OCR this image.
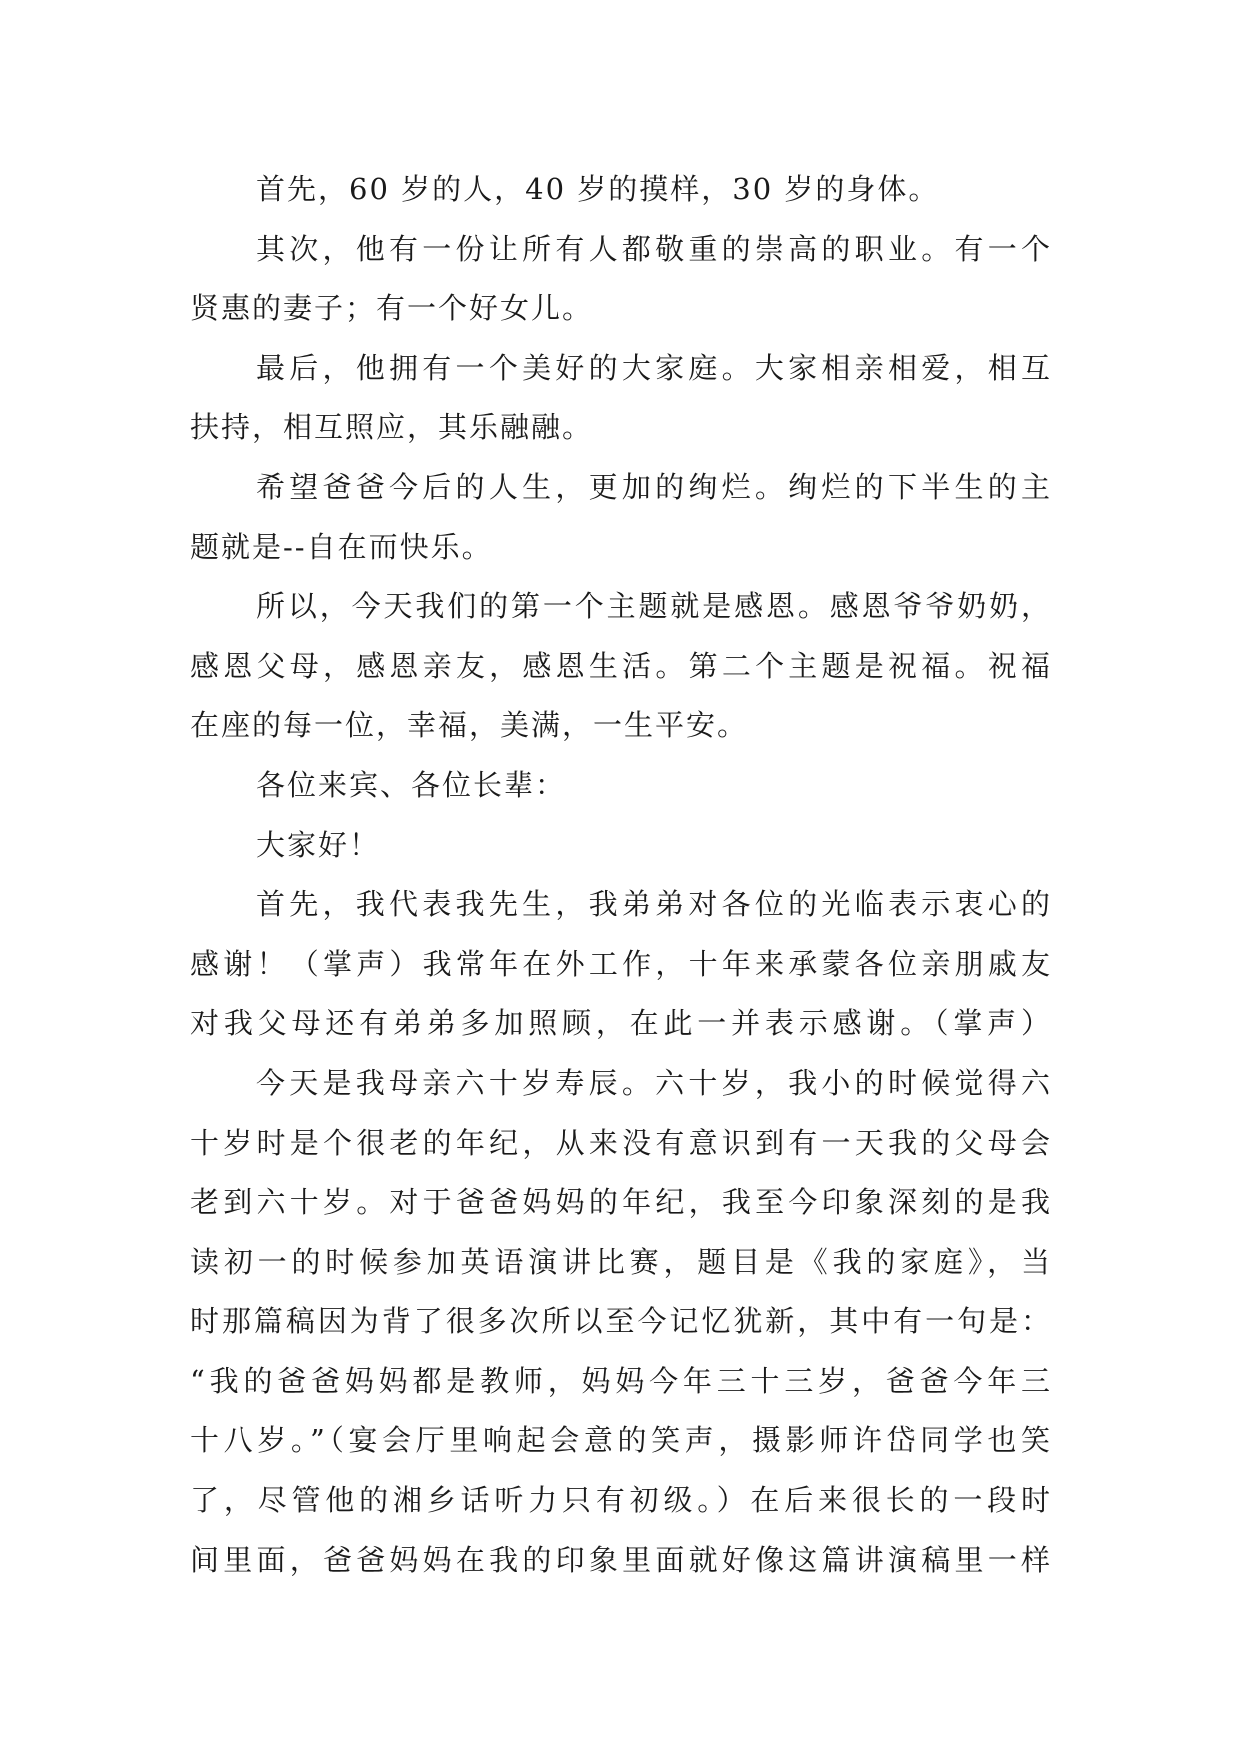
首先，60 岁的人，40 岁的摸样，30 岁的身体。
其次，他有一份让所有人都敬重的崇高的职业。有一个
贤惠的妻子；有一个好女儿。
最后，他拥有一个美好的大家庭。大家相亲相爱，相互
扶持，相互照应，其乐融融。
希望爸爸今后的人生，更加的绚烂。绚烂的下半生的主
题就是--自在而快乐。
所以，今天我们的第一个主题就是感恩。感恩爷爷奶奶，
感恩父母，感恩亲友，感恩生活。第二个主题是祝福。祝福
在座的每一位，幸福，美满，一生平安。
各位来宾、各位长辈：
大家好！
首先，我代表我先生，我弟弟对各位的光临表示衷心的
感谢！（掌声）我常年在外工作，十年来承蒙各位亲朋戚友
对我父母还有弟弟多加照顾，在此一并表示感谢。（掌声）
今天是我母亲六十岁寿辰。六十岁，我小的时候觉得六
十岁时是个很老的年纪，从来没有意识到有一天我的父母会
老到六十岁。对于爸爸妈妈的年纪，我至今印象深刻的是我
读初一的时候参加英语演讲比赛，题目是《我的家庭》，当
时那篇稿因为背了很多次所以至今记忆犹新，其中有一句是：
“我的爸爸妈妈都是教师，妈妈今年三十三岁，爸爸今年三
十八岁。”（宴会厅里响起会意的笑声，摄影师许岱同学也笑
了，尽管他的湘乡话听力只有初级。）在后来很长的一段时
间里面，爸爸妈妈在我的印象里面就好像这篇讲演稿里一样
